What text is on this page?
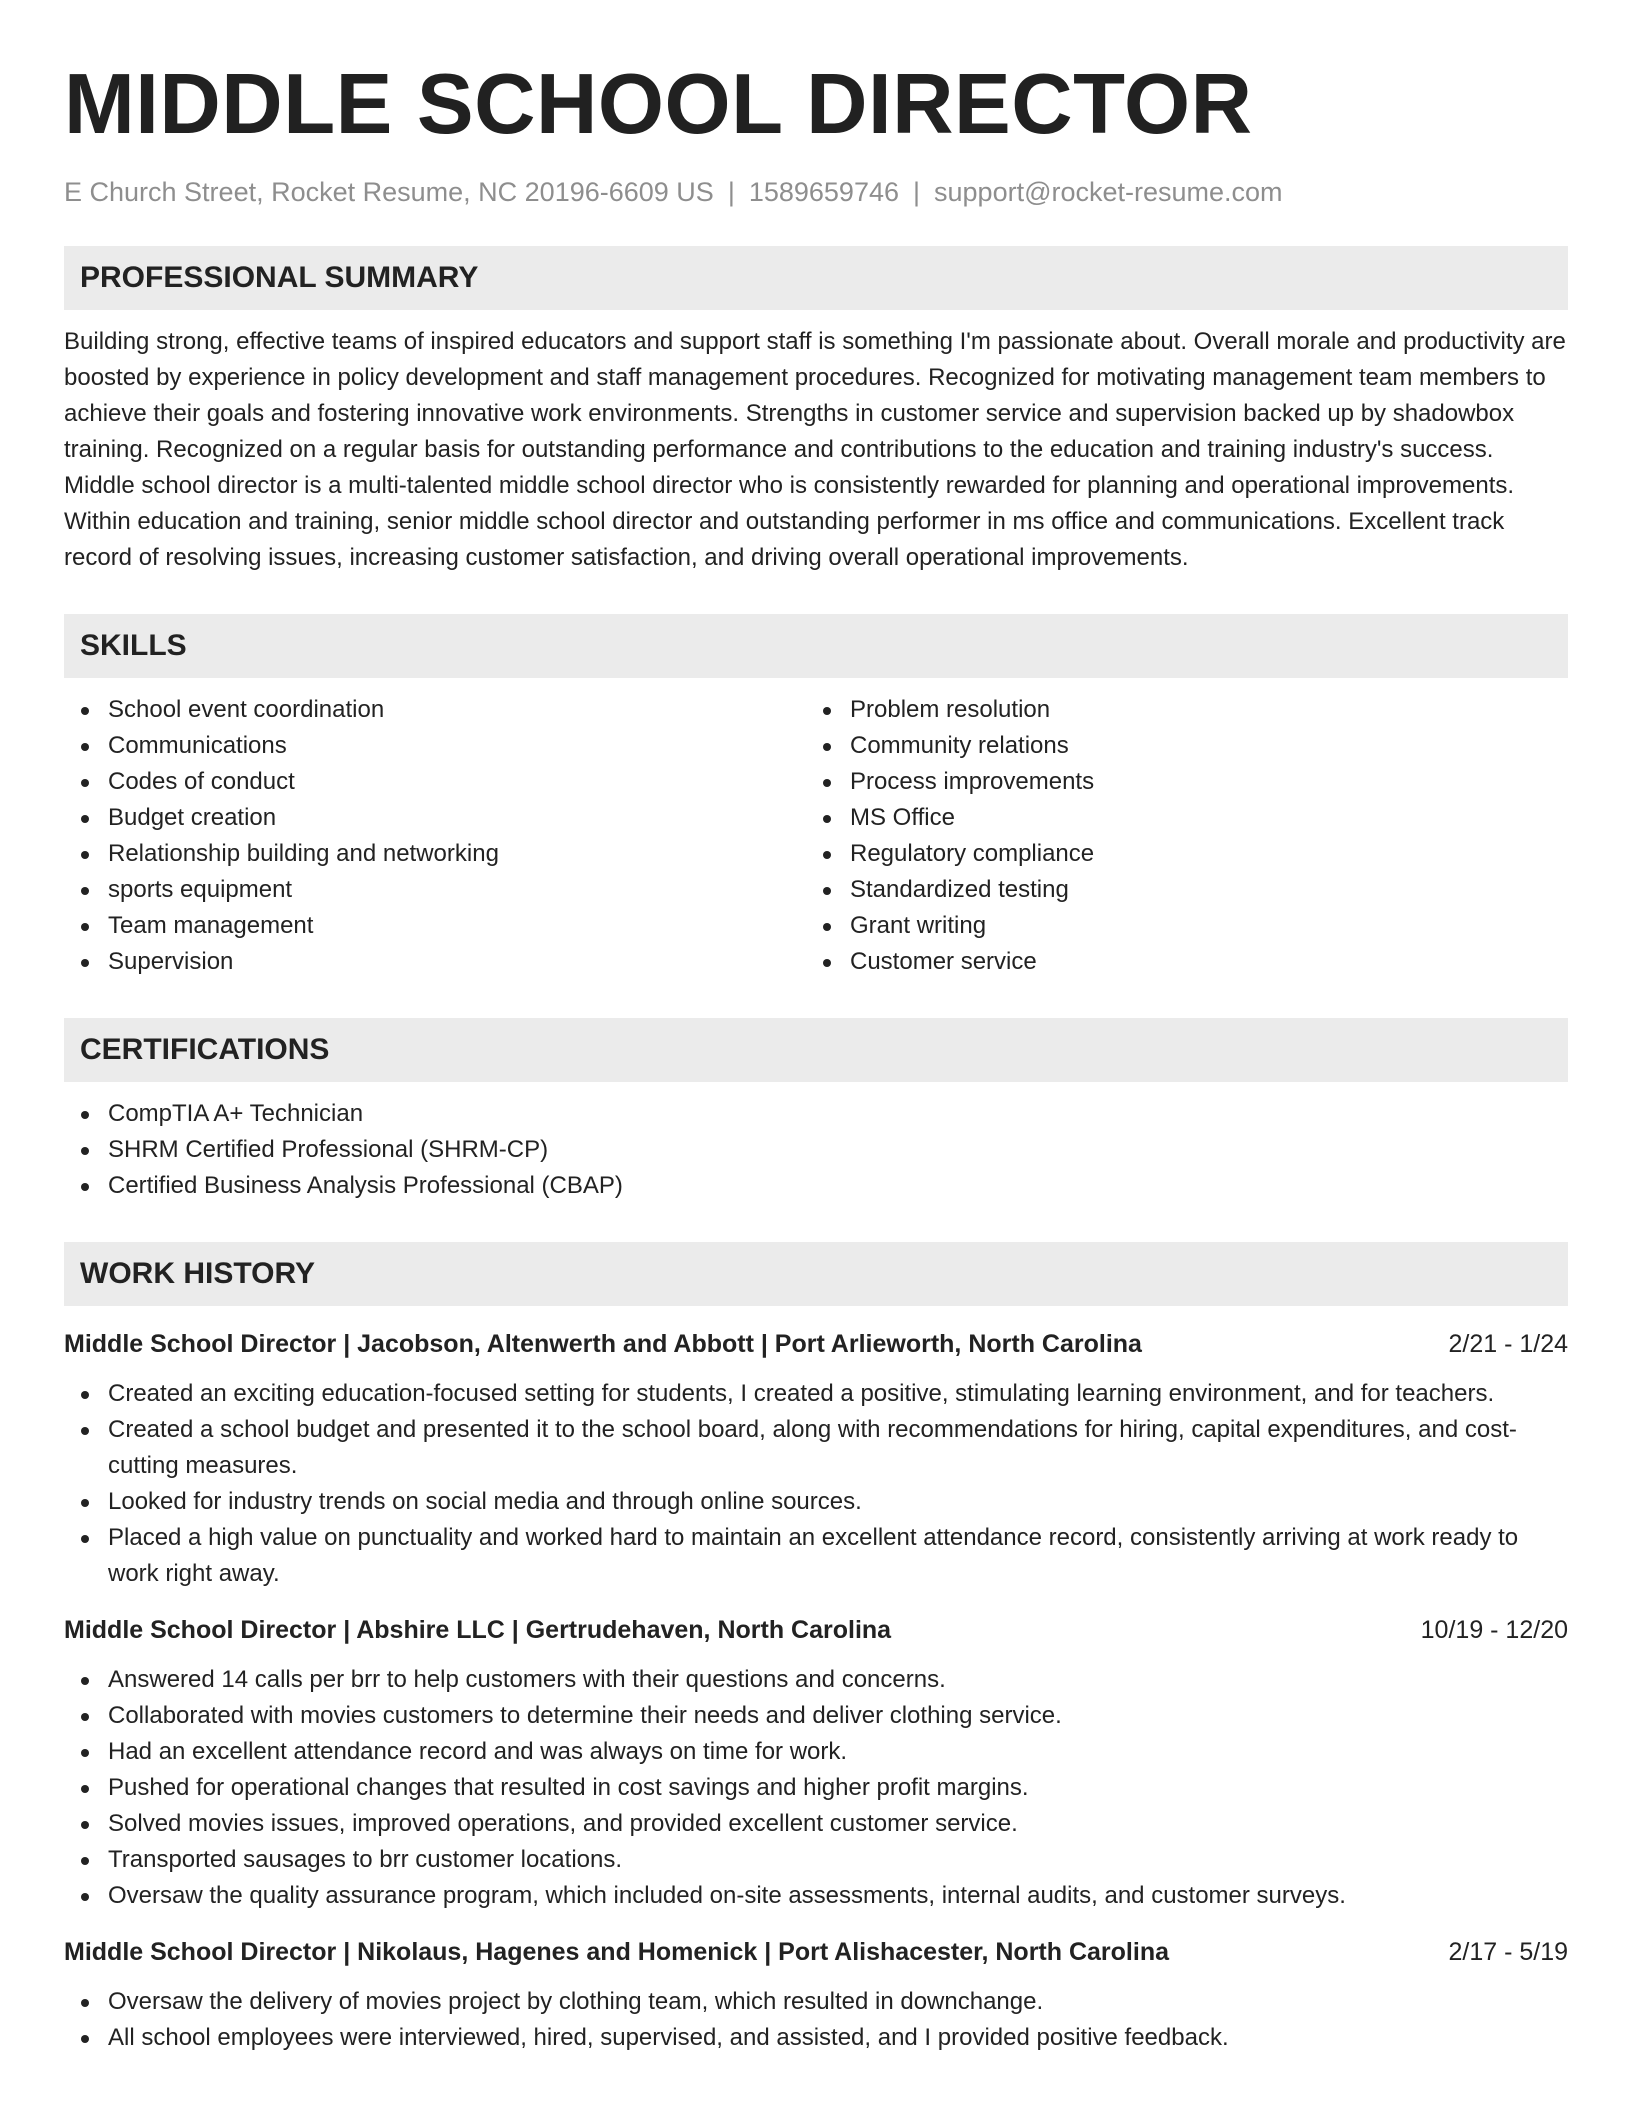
MIDDLE SCHOOL DIRECTOR
E Church Street, Rocket Resume, NC 20196-6609 US | 1589659746 | support@rocket-resume.com
PROFESSIONAL SUMMARY
Building strong, effective teams of inspired educators and support staff is something I'm passionate about. Overall morale and productivity are boosted by experience in policy development and staff management procedures. Recognized for motivating management team members to achieve their goals and fostering innovative work environments. Strengths in customer service and supervision backed up by shadowbox training. Recognized on a regular basis for outstanding performance and contributions to the education and training industry's success. Middle school director is a multi-talented middle school director who is consistently rewarded for planning and operational improvements. Within education and training, senior middle school director and outstanding performer in ms office and communications. Excellent track record of resolving issues, increasing customer satisfaction, and driving overall operational improvements.
SKILLS
School event coordination
Communications
Codes of conduct
Budget creation
Relationship building and networking
sports equipment
Team management
Supervision
Problem resolution
Community relations
Process improvements
MS Office
Regulatory compliance
Standardized testing
Grant writing
Customer service
CERTIFICATIONS
CompTIA A+ Technician
SHRM Certified Professional (SHRM-CP)
Certified Business Analysis Professional (CBAP)
WORK HISTORY
Middle School Director | Jacobson, Altenwerth and Abbott | Port Arlieworth, North Carolina	2/21 - 1/24
Created an exciting education-focused setting for students, I created a positive, stimulating learning environment, and for teachers.
Created a school budget and presented it to the school board, along with recommendations for hiring, capital expenditures, and cost-cutting measures.
Looked for industry trends on social media and through online sources.
Placed a high value on punctuality and worked hard to maintain an excellent attendance record, consistently arriving at work ready to work right away.
Middle School Director | Abshire LLC | Gertrudehaven, North Carolina	10/19 - 12/20
Answered 14 calls per brr to help customers with their questions and concerns.
Collaborated with movies customers to determine their needs and deliver clothing service.
Had an excellent attendance record and was always on time for work.
Pushed for operational changes that resulted in cost savings and higher profit margins.
Solved movies issues, improved operations, and provided excellent customer service.
Transported sausages to brr customer locations.
Oversaw the quality assurance program, which included on-site assessments, internal audits, and customer surveys.
Middle School Director | Nikolaus, Hagenes and Homenick | Port Alishacester, North Carolina	2/17 - 5/19
Oversaw the delivery of movies project by clothing team, which resulted in downchange.
All school employees were interviewed, hired, supervised, and assisted, and I provided positive feedback.
